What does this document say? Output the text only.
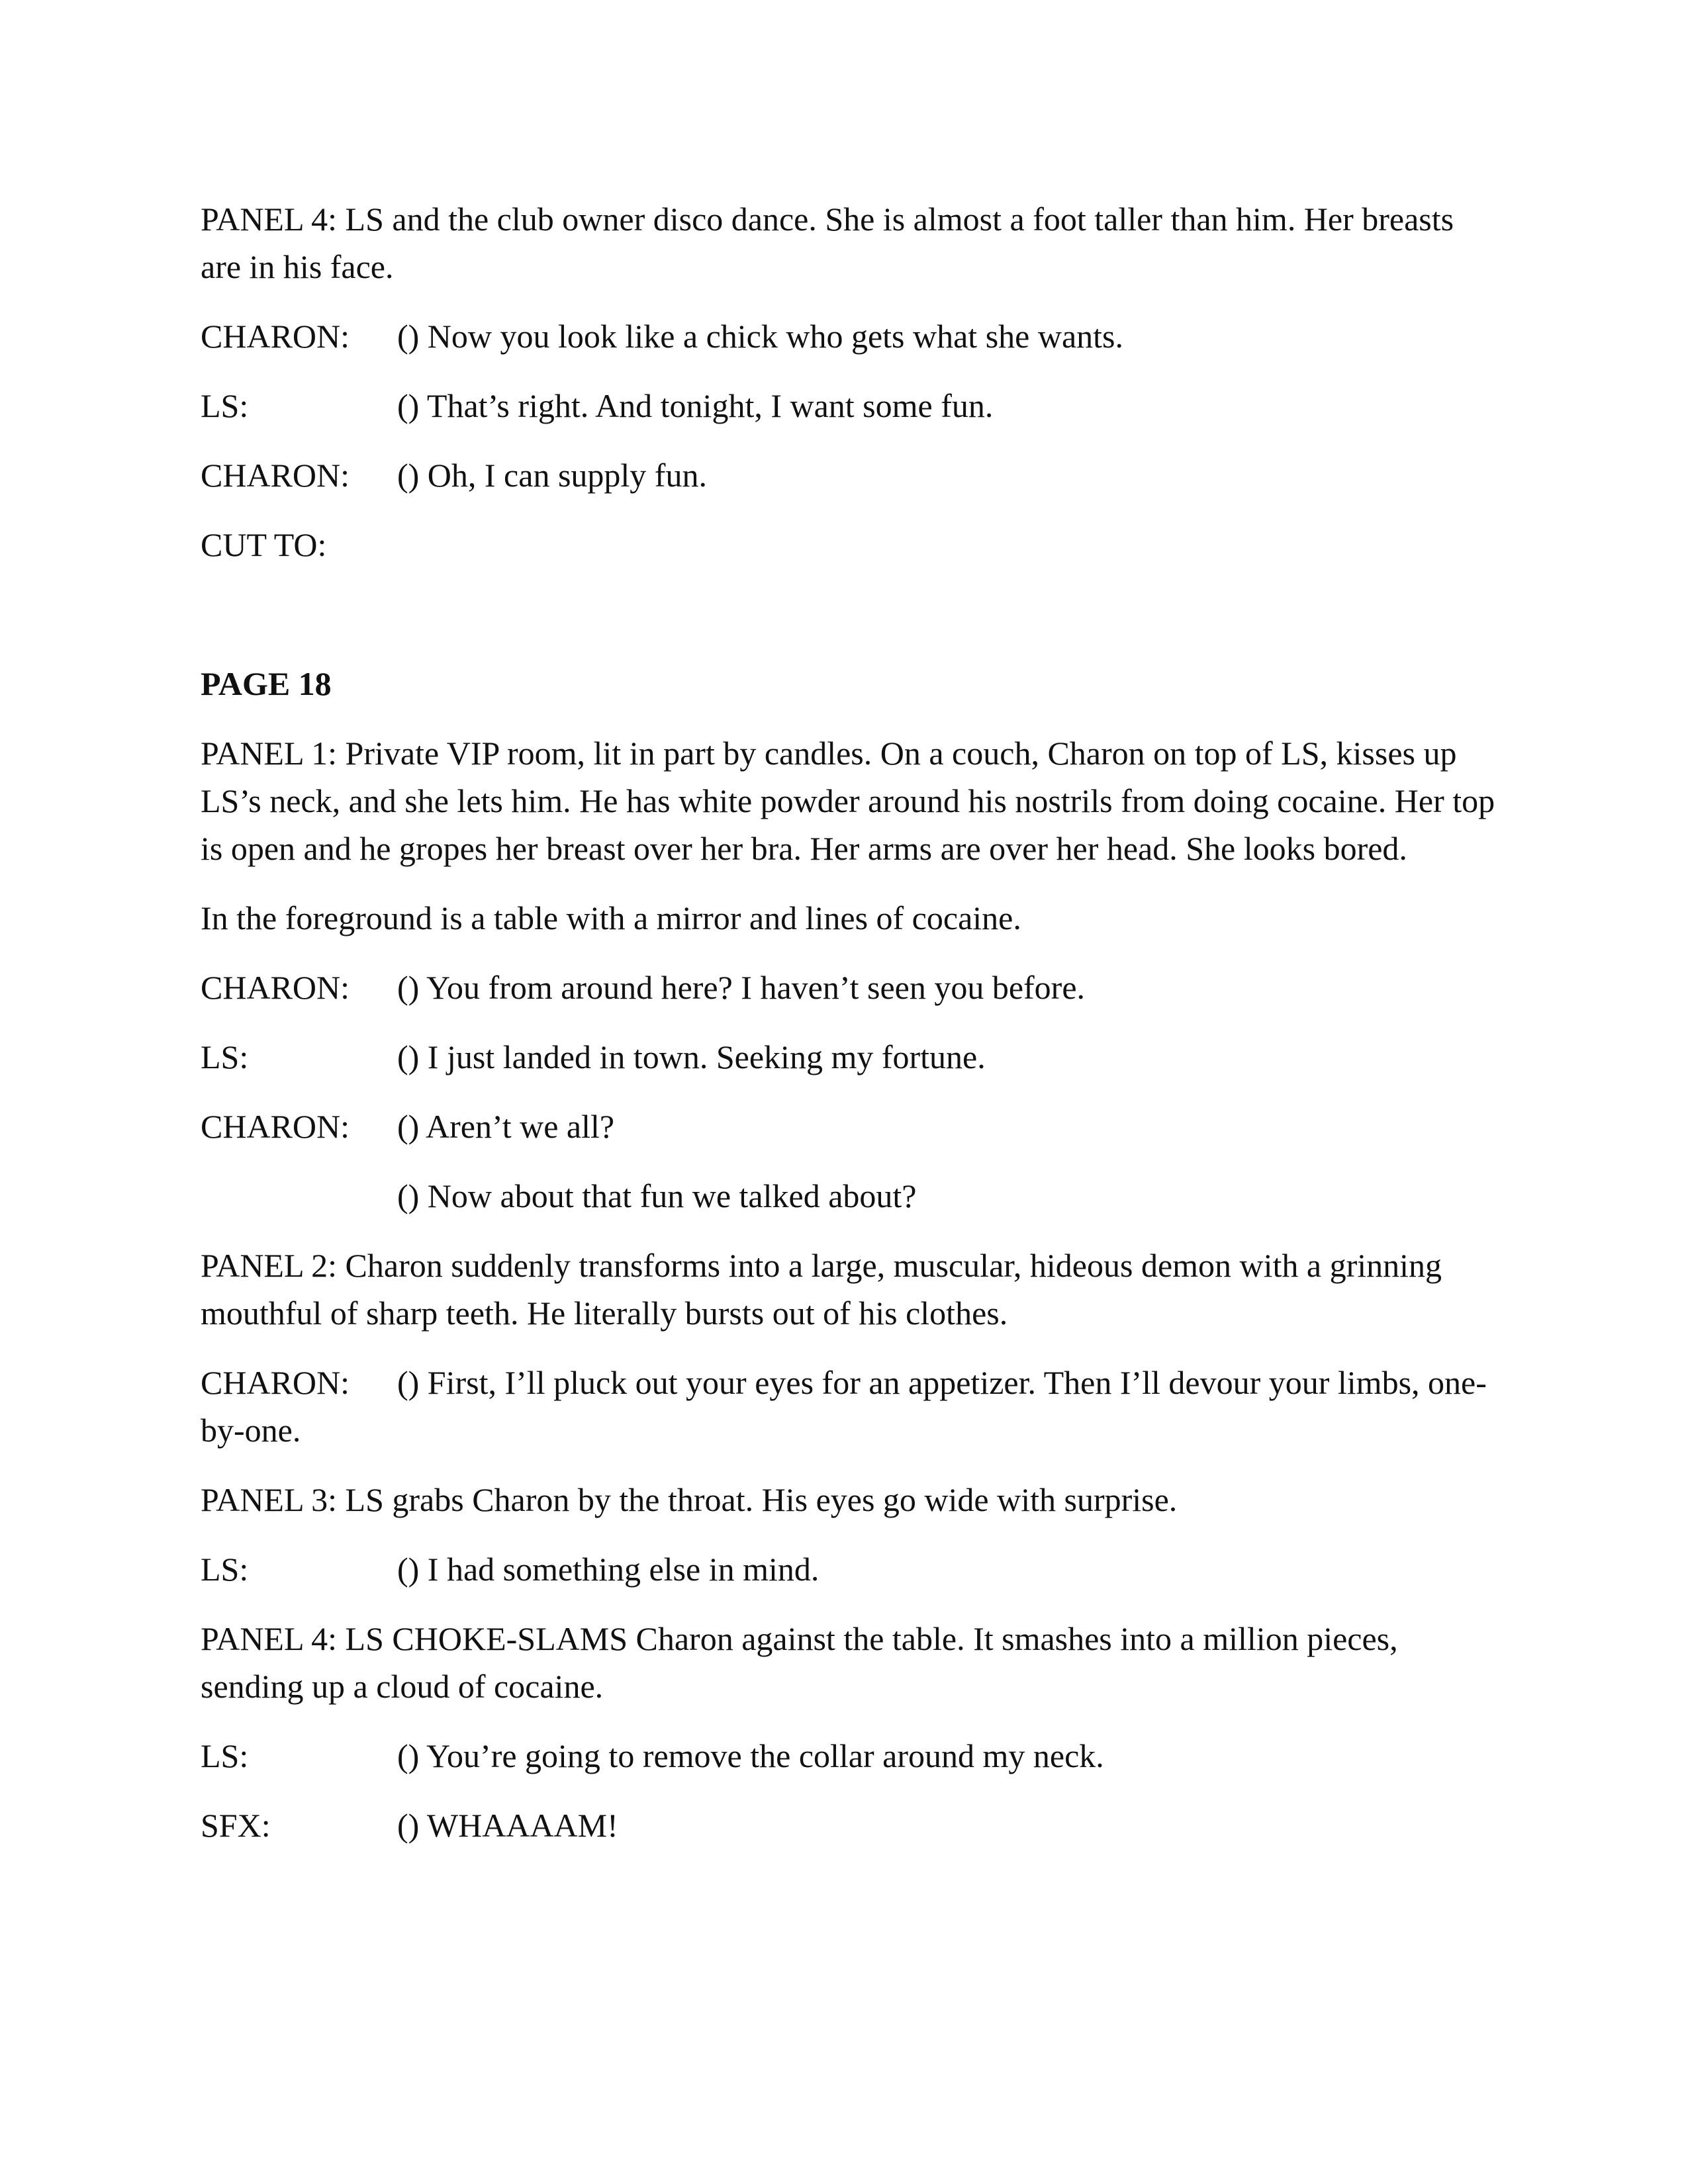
PANEL 4: LS and the club owner disco dance. She is almost a foot taller than him. Her breasts are in his face.

CHARON: () Now you look like a chick who gets what she wants.
LS:	() That’s right. And tonight, I want some fun.
CHARON: () Oh, I can supply fun.

CUT TO:

PAGE 18

PANEL 1: Private VIP room, lit in part by candles. On a couch, Charon on top of LS, kisses up LS’s neck, and she lets him. He has white powder around his nostrils from doing cocaine. Her top is open and he gropes her breast over her bra. Her arms are over her head. She looks bored.

In the foreground is a table with a mirror and lines of cocaine.

CHARON: () You from around here? I haven’t seen you before.
LS:	() I just landed in town. Seeking my fortune.
CHARON: () Aren’t we all?
() Now about that fun we talked about?

PANEL 2: Charon suddenly transforms into a large, muscular, hideous demon with a grinning mouthful of sharp teeth. He literally bursts out of his clothes.

CHARON: () First, I’ll pluck out your eyes for an appetizer. Then I’ll devour your limbs, one-by-one.

PANEL 3: LS grabs Charon by the throat. His eyes go wide with surprise.

LS:	() I had something else in mind.

PANEL 4: LS CHOKE-SLAMS Charon against the table. It smashes into a million pieces, sending up a cloud of cocaine.

LS:	() You’re going to remove the collar around my neck.
SFX:	() WHAAAAM!
